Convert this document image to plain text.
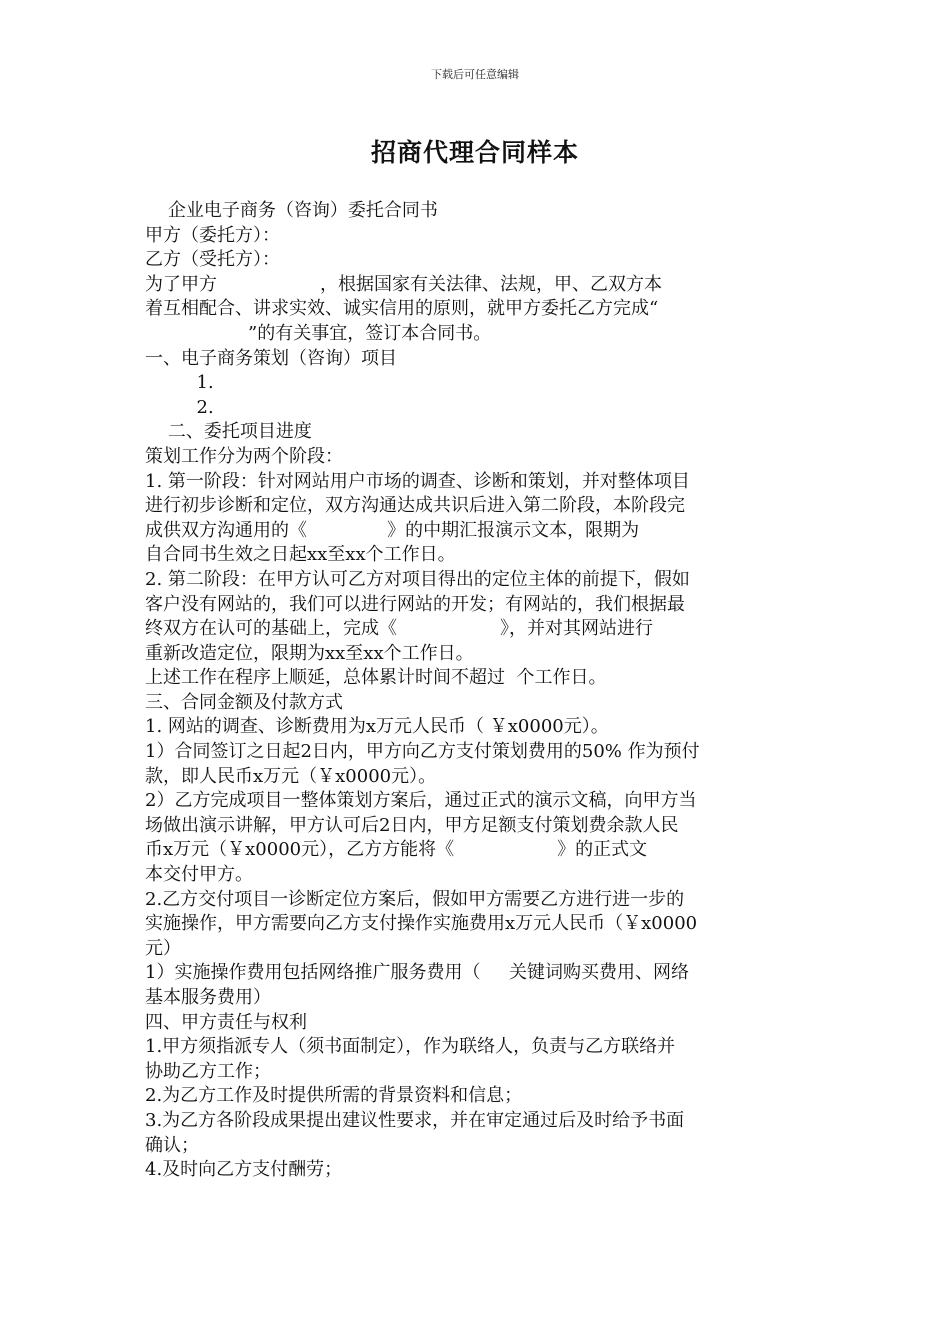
下载后可任意编辑
招商代理合同样本
企业电子商务（咨询）委托合同书
甲方（委托方）：
乙方（受托方）：
为了甲方                  ，根据国家有关法律、法规，甲、乙双方本
着互相配合、讲求实效、诚实信用的原则，就甲方委托乙方完成“
”的有关事宜，签订本合同书。
一、电子商务策划（咨询）项目
1.
2.
二、委托项目进度
策划工作分为两个阶段：
1. 第一阶段：针对网站用户市场的调查、诊断和策划，并对整体项目
进行初步诊断和定位，双方沟通达成共识后进入第二阶段，本阶段完
成供双方沟通用的《              》的中期汇报演示文本，限期为
自合同书生效之日起xx至xx个工作日。
2. 第二阶段：在甲方认可乙方对项目得出的定位主体的前提下，假如
客户没有网站的，我们可以进行网站的开发；有网站的，我们根据最
终双方在认可的基础上，完成《                  》，并对其网站进行
重新改造定位，限期为xx至xx个工作日。
上述工作在程序上顺延，总体累计时间不超过  个工作日。
三、合同金额及付款方式
1. 网站的调查、诊断费用为x万元人民币（ ￥x0000元）。
1）合同签订之日起2日内，甲方向乙方支付策划费用的50% 作为预付
款，即人民币x万元（￥x0000元）。
2）乙方完成项目一整体策划方案后，通过正式的演示文稿，向甲方当
场做出演示讲解，甲方认可后2日内，甲方足额支付策划费余款人民
币x万元（￥x0000元），乙方方能将《                  》的正式文
本交付甲方。
2.乙方交付项目一诊断定位方案后，假如甲方需要乙方进行进一步的
实施操作，甲方需要向乙方支付操作实施费用x万元人民币（￥x0000
元）
1）实施操作费用包括网络推广服务费用（     关键词购买费用、网络
基本服务费用）
四、甲方责任与权利
1.甲方须指派专人（须书面制定），作为联络人，负责与乙方联络并
协助乙方工作；
2.为乙方工作及时提供所需的背景资料和信息；
3.为乙方各阶段成果提出建议性要求，并在审定通过后及时给予书面
确认；
4.及时向乙方支付酬劳；
